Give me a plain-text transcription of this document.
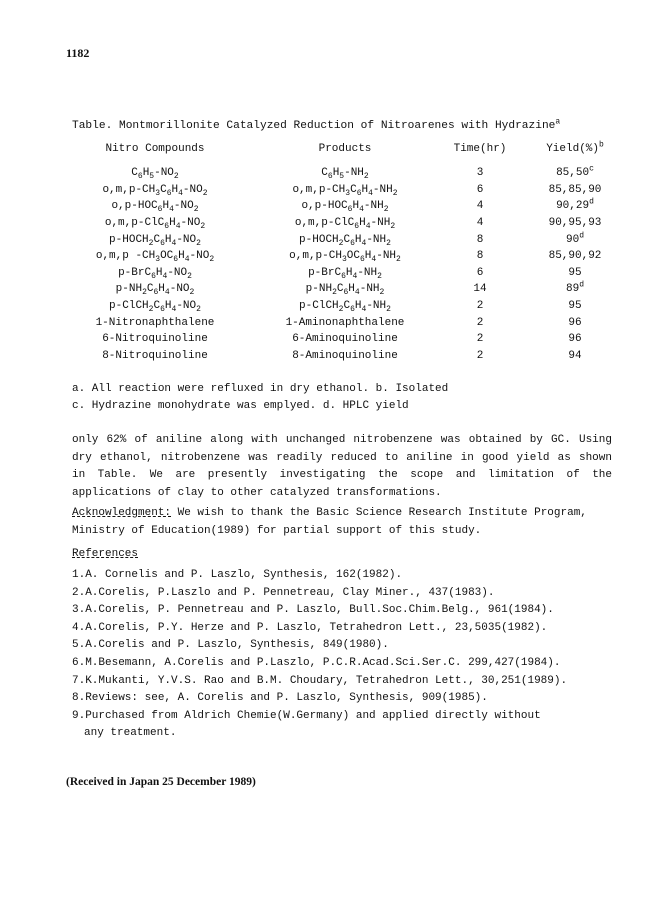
1182
Table. Montmorillonite Catalyzed Reduction of Nitroarenes with Hydrazine$^a$
Nitro Compounds	Products	Time(hr)	Yield(%)$^b$
$C_6H_5-NO_2$	$C_6H_5-NH_2$	3	85,50$^c$
$o,m,p-CH_3C_6H_4-NO_2$	$o,m,p-CH_3C_6H_4-NH_2$	6	85,85,90
$o,p-HOC_6H_4-NO_2$	$o,p-HOC_6H_4-NH_2$	4	90,29$^d$
$o,m,p-ClC_6H_4-NO_2$	$o,m,p-ClC_6H_4-NH_2$	4	90,95,93
$p-HOCH_2C_6H_4-NO_2$	$p-HOCH_2C_6H_4-NH_2$	8	90$^d$
o,m,p $-CH_3OC_6H_4-NO_2$	$o,m,p-CH_3OC_6H_4-NH_2$	8	85,90,92
$p-BrC_6H_4-NO_2$	$p-BrC_6H_4-NH_2$	6	95
$p-NH_2C_6H_4-NO_2$	$p-NH_2C_6H_4-NH_2$	14	89$^d$
$p-ClCH_2C_6H_4-NO_2$	$p-ClCH_2C_6H_4-NH_2$	2	95
1-Nitronaphthalene	1-Aminonaphthalene	2	96
6-Nitroquinoline	6-Aminoquinoline	2	96
8-Nitroquinoline	8-Aminoquinoline	2	94
a. All reaction were refluxed in dry ethanol. b. Isolated
c. Hydrazine monohydrate was emplyed. d. HPLC yield

only 62% of aniline along with unchanged nitrobenzene was obtained by GC. Using dry ethanol, nitrobenzene was readily reduced to aniline in good yield as shown in Table. We are presently investigating the scope and limitation of the applications of clay to other catalyzed transformations.

Acknowledgment: We wish to thank the Basic Science Research Institute Program, Ministry of Education(1989) for partial support of this study.
References
1.A. Cornelis and P. Laszlo, Synthesis, 162(1982).
2.A.Corelis, P.Laszlo and P. Pennetreau, Clay Miner., 437(1983).
3.A.Corelis, P. Pennetreau and P. Laszlo, Bull.Soc.Chim.Belg., 961(1984).
4.A.Corelis, P.Y. Herze and P. Laszlo, Tetrahedron Lett., 23,5035(1982).
5.A.Corelis and P. Laszlo, Synthesis, 849(1980).
6.M.Besemann, A.Corelis and P.Laszlo, P.C.R.Acad.Sci.Ser.C. 299,427(1984).
7.K.Mukanti, Y.V.S. Rao and B.M. Choudary, Tetrahedron Lett., 30,251(1989).
8.Reviews: see, A. Corelis and P. Laszlo, Synthesis, 909(1985).
9.Purchased from Aldrich Chemie(W.Germany) and applied directly without
any treatment.
(Received in Japan 25 December 1989)
